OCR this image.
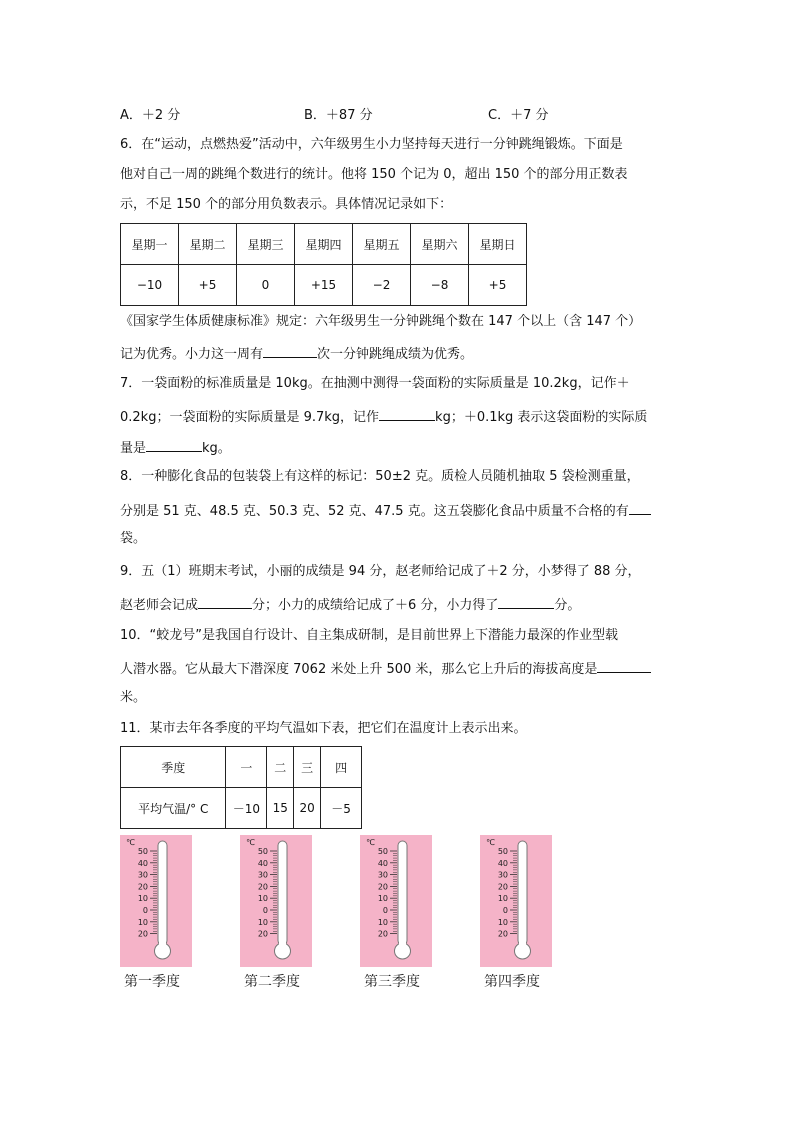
A．＋2 分	B．＋87 分	C．＋7 分
6．在“运动，点燃热爱”活动中，六年级男生小力坚持每天进行一分钟跳绳锻炼。下面是
他对自己一周的跳绳个数进行的统计。他将 150 个记为 0，超出 150 个的部分用正数表
示，不足 150 个的部分用负数表示。具体情况记录如下：
星期一	星期二	星期三	星期四	星期五	星期六	星期日
−10	+5	0	+15	−2	−8	+5
《国家学生体质健康标准》规定：六年级男生一分钟跳绳个数在 147 个以上（含 147 个）
记为优秀。小力这一周有	次一分钟跳绳成绩为优秀。
7．一袋面粉的标准质量是 10kg。在抽测中测得一袋面粉的实际质量是 10.2kg，记作＋
0.2kg；一袋面粉的实际质量是 9.7kg，记作	kg；＋0.1kg 表示这袋面粉的实际质
量是	kg。
8．一种膨化食品的包装袋上有这样的标记：50±2 克。质检人员随机抽取 5 袋检测重量，
分别是 51 克、48.5 克、50.3 克、52 克、47.5 克。这五袋膨化食品中质量不合格的有
袋。
9．五（1）班期末考试，小丽的成绩是 94 分，赵老师给记成了＋2 分，小梦得了 88 分，
赵老师会记成	分；小力的成绩给记成了＋6 分，小力得了	分。
10．“蛟龙号”是我国自行设计、自主集成研制，是目前世界上下潜能力最深的作业型载
人潜水器。它从最大下潜深度 7062 米处上升 500 米，那么它上升后的海拔高度是
米。
11．某市去年各季度的平均气温如下表，把它们在温度计上表示出来。
季度	一	二	三	四
平均气温/° C	－10	15	20	－5
℃
50
40
30
20
10
0
10
20
℃
50
40
30
20
10
0
10
20
℃
50
40
30
20
10
0
10
20
℃
50
40
30
20
10
0
10
20
第一季度	第二季度	第三季度	第四季度
